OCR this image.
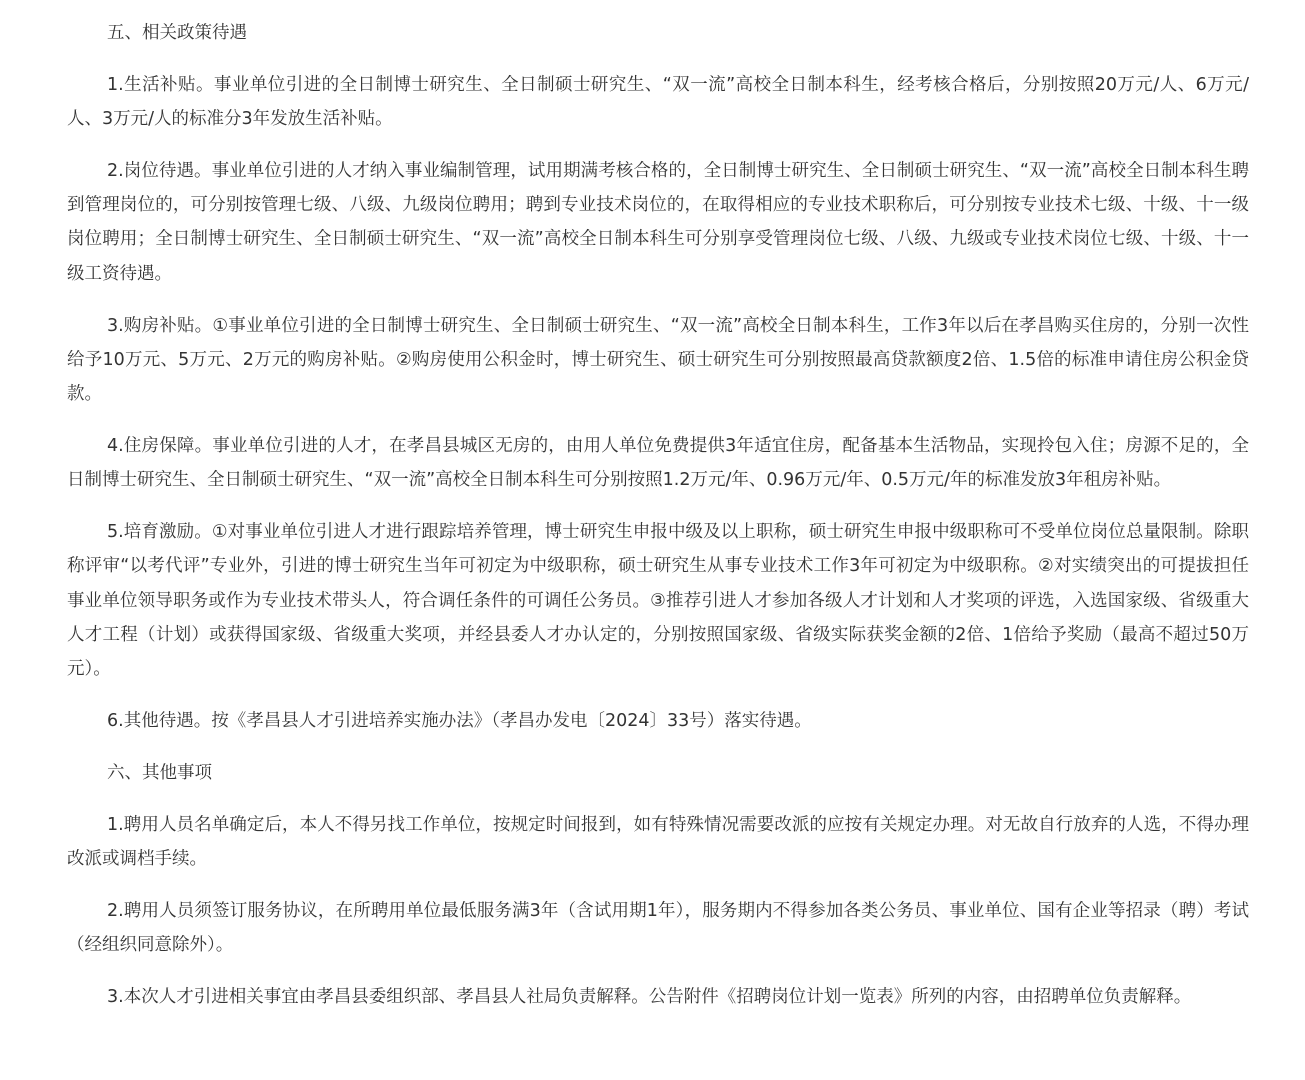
五、相关政策待遇

1.生活补贴。事业单位引进的全日制博士研究生、全日制硕士研究生、“双一流”高校全日制本科生，经考核合格后，分别按照20万元/人、6万元/人、3万元/人的标准分3年发放生活补贴。

2.岗位待遇。事业单位引进的人才纳入事业编制管理，试用期满考核合格的，全日制博士研究生、全日制硕士研究生、“双一流”高校全日制本科生聘到管理岗位的，可分别按管理七级、八级、九级岗位聘用；聘到专业技术岗位的，在取得相应的专业技术职称后，可分别按专业技术七级、十级、十一级岗位聘用；全日制博士研究生、全日制硕士研究生、“双一流”高校全日制本科生可分别享受管理岗位七级、八级、九级或专业技术岗位七级、十级、十一级工资待遇。

3.购房补贴。①事业单位引进的全日制博士研究生、全日制硕士研究生、“双一流”高校全日制本科生，工作3年以后在孝昌购买住房的，分别一次性给予10万元、5万元、2万元的购房补贴。②购房使用公积金时，博士研究生、硕士研究生可分别按照最高贷款额度2倍、1.5倍的标准申请住房公积金贷款。

4.住房保障。事业单位引进的人才，在孝昌县城区无房的，由用人单位免费提供3年适宜住房，配备基本生活物品，实现拎包入住；房源不足的，全日制博士研究生、全日制硕士研究生、“双一流”高校全日制本科生可分别按照1.2万元/年、0.96万元/年、0.5万元/年的标准发放3年租房补贴。

5.培育激励。①对事业单位引进人才进行跟踪培养管理，博士研究生申报中级及以上职称，硕士研究生申报中级职称可不受单位岗位总量限制。除职称评审“以考代评”专业外，引进的博士研究生当年可初定为中级职称，硕士研究生从事专业技术工作3年可初定为中级职称。②对实绩突出的可提拔担任事业单位领导职务或作为专业技术带头人，符合调任条件的可调任公务员。③推荐引进人才参加各级人才计划和人才奖项的评选，入选国家级、省级重大人才工程（计划）或获得国家级、省级重大奖项，并经县委人才办认定的，分别按照国家级、省级实际获奖金额的2倍、1倍给予奖励（最高不超过50万元）。

6.其他待遇。按《孝昌县人才引进培养实施办法》（孝昌办发电〔2024〕33号）落实待遇。

六、其他事项

1.聘用人员名单确定后，本人不得另找工作单位，按规定时间报到，如有特殊情况需要改派的应按有关规定办理。对无故自行放弃的人选，不得办理改派或调档手续。

2.聘用人员须签订服务协议，在所聘用单位最低服务满3年（含试用期1年），服务期内不得参加各类公务员、事业单位、国有企业等招录（聘）考试（经组织同意除外）。

3.本次人才引进相关事宜由孝昌县委组织部、孝昌县人社局负责解释。公告附件《招聘岗位计划一览表》所列的内容，由招聘单位负责解释。
